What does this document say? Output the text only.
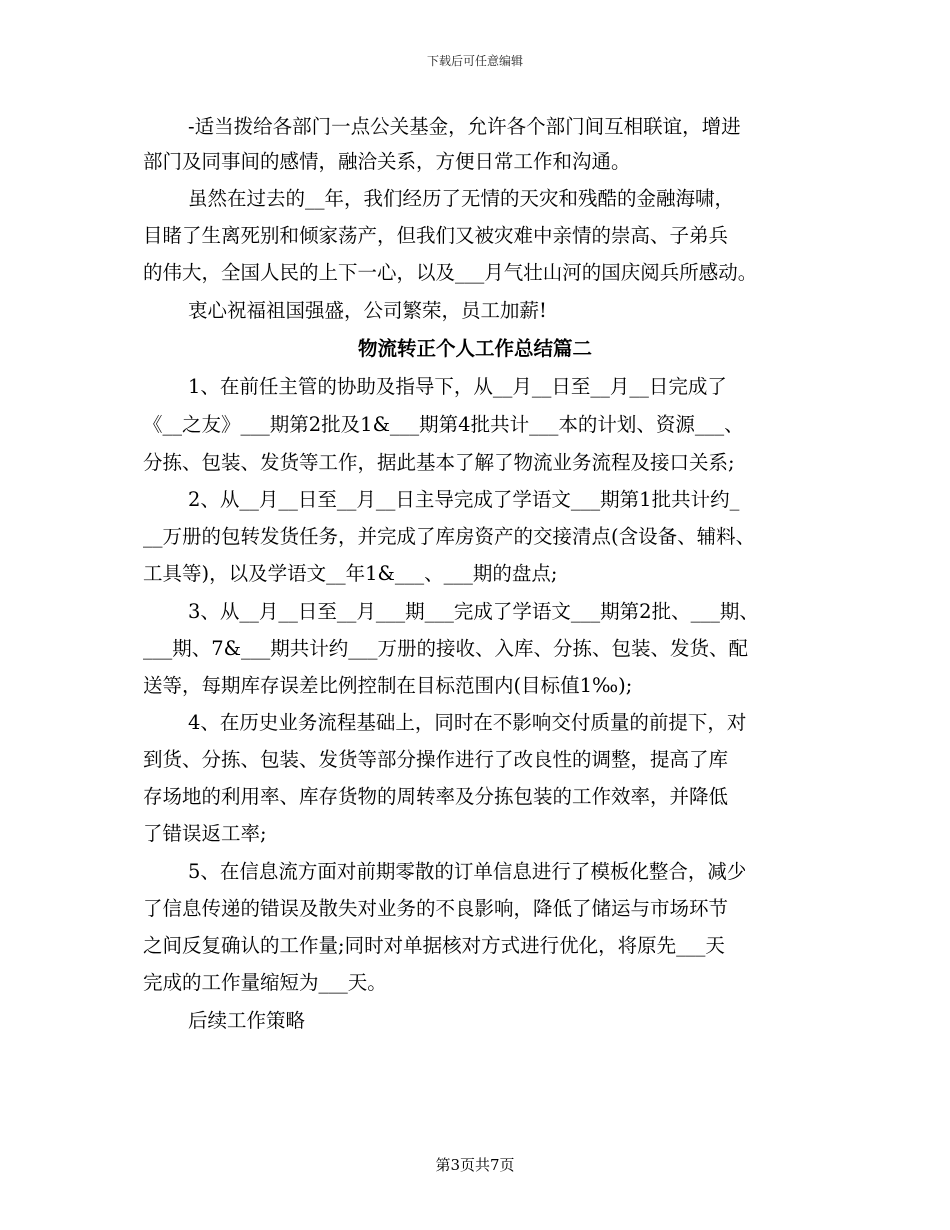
下载后可任意编辑
-适当拨给各部门一点公关基金，允许各个部门间互相联谊，增进
部门及同事间的感情，融洽关系，方便日常工作和沟通。
虽然在过去的__年，我们经历了无情的天灾和残酷的金融海啸，
目睹了生离死别和倾家荡产，但我们又被灾难中亲情的崇高、子弟兵
的伟大，全国人民的上下一心，以及___月气壮山河的国庆阅兵所感动。
衷心祝福祖国强盛，公司繁荣，员工加薪!
物流转正个人工作总结篇二
1、在前任主管的协助及指导下，从__月__日至__月__日完成了
《__之友》___期第2批及1&___期第4批共计___本的计划、资源___、
分拣、包装、发货等工作，据此基本了解了物流业务流程及接口关系;
2、从__月__日至__月__日主导完成了学语文___期第1批共计约_
__万册的包转发货任务，并完成了库房资产的交接清点(含设备、辅料、
工具等)，以及学语文__年1&___、___期的盘点;
3、从__月__日至__月___期___完成了学语文___期第2批、___期、
___期、7&___期共计约___万册的接收、入库、分拣、包装、发货、配
送等，每期库存误差比例控制在目标范围内(目标值1‰);
4、在历史业务流程基础上，同时在不影响交付质量的前提下，对
到货、分拣、包装、发货等部分操作进行了改良性的调整，提高了库
存场地的利用率、库存货物的周转率及分拣包装的工作效率，并降低
了错误返工率;
5、在信息流方面对前期零散的订单信息进行了模板化整合，减少
了信息传递的错误及散失对业务的不良影响，降低了储运与市场环节
之间反复确认的工作量;同时对单据核对方式进行优化，将原先___天
完成的工作量缩短为___天。
后续工作策略
第3页共7页
